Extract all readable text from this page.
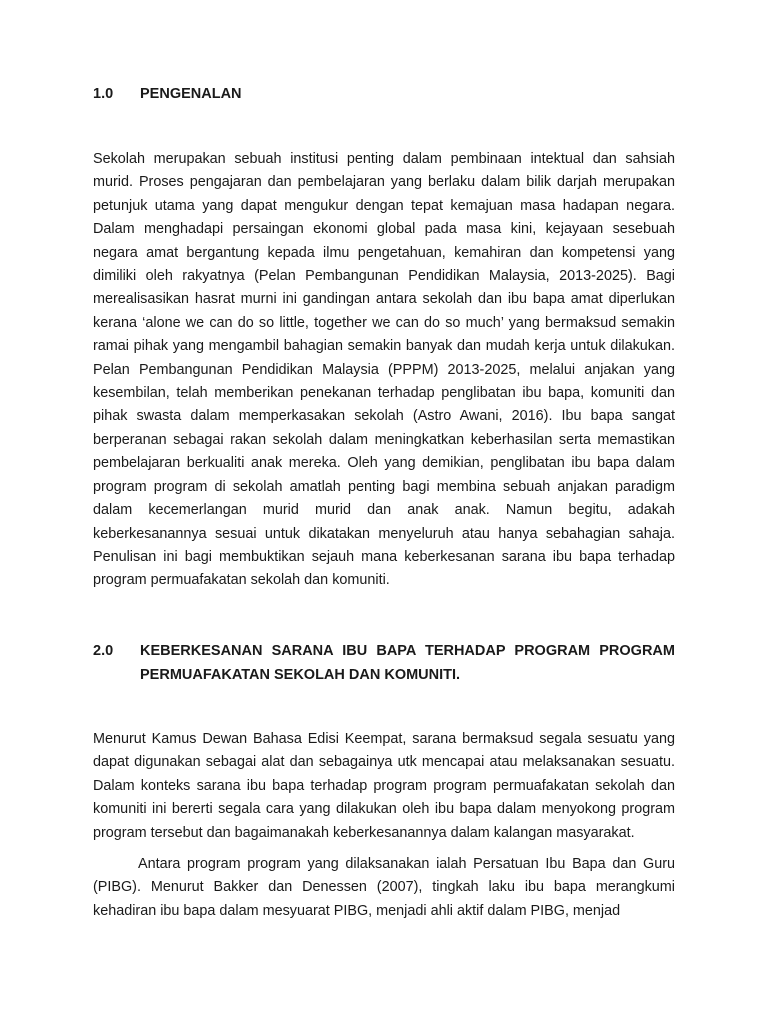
1.0 PENGENALAN

Sekolah merupakan sebuah institusi penting dalam pembinaan intektual dan sahsiah murid. Proses pengajaran dan pembelajaran yang berlaku dalam bilik darjah merupakan petunjuk utama yang dapat mengukur dengan tepat kemajuan masa hadapan negara. Dalam menghadapi persaingan ekonomi global pada masa kini, kejayaan sesebuah negara amat bergantung kepada ilmu pengetahuan, kemahiran dan kompetensi yang dimiliki oleh rakyatnya (Pelan Pembangunan Pendidikan Malaysia, 2013-2025). Bagi merealisasikan hasrat murni ini gandingan antara sekolah dan ibu bapa amat diperlukan kerana ‘alone we can do so little, together we can do so much’ yang bermaksud semakin ramai pihak yang mengambil bahagian semakin banyak dan mudah kerja untuk dilakukan. Pelan Pembangunan Pendidikan Malaysia (PPPM) 2013-2025, melalui anjakan yang kesembilan, telah memberikan penekanan terhadap penglibatan ibu bapa, komuniti dan pihak swasta dalam memperkasakan sekolah (Astro Awani, 2016). Ibu bapa sangat berperanan sebagai rakan sekolah dalam meningkatkan keberhasilan serta memastikan pembelajaran berkualiti anak mereka. Oleh yang demikian, penglibatan ibu bapa dalam program program di sekolah amatlah penting bagi membina sebuah anjakan paradigm dalam kecemerlangan murid murid dan anak anak. Namun begitu, adakah keberkesanannya sesuai untuk dikatakan menyeluruh atau hanya sebahagian sahaja. Penulisan ini bagi membuktikan sejauh mana keberkesanan sarana ibu bapa terhadap program permuafakatan sekolah dan komuniti.

2.0	KEBERKESANAN SARANA IBU BAPA TERHADAP PROGRAM PROGRAM PERMUAFAKATAN SEKOLAH DAN KOMUNITI.

Menurut Kamus Dewan Bahasa Edisi Keempat, sarana bermaksud segala sesuatu yang dapat digunakan sebagai alat dan sebagainya utk mencapai atau melaksanakan sesuatu. Dalam konteks sarana ibu bapa terhadap program program permuafakatan sekolah dan komuniti ini bererti segala cara yang dilakukan oleh ibu bapa dalam menyokong program program tersebut dan bagaimanakah keberkesanannya dalam kalangan masyarakat.

Antara program program yang dilaksanakan ialah Persatuan Ibu Bapa dan Guru (PIBG). Menurut Bakker dan Denessen (2007), tingkah laku ibu bapa merangkumi kehadiran ibu bapa dalam mesyuarat PIBG, menjadi ahli aktif dalam PIBG, menjad
